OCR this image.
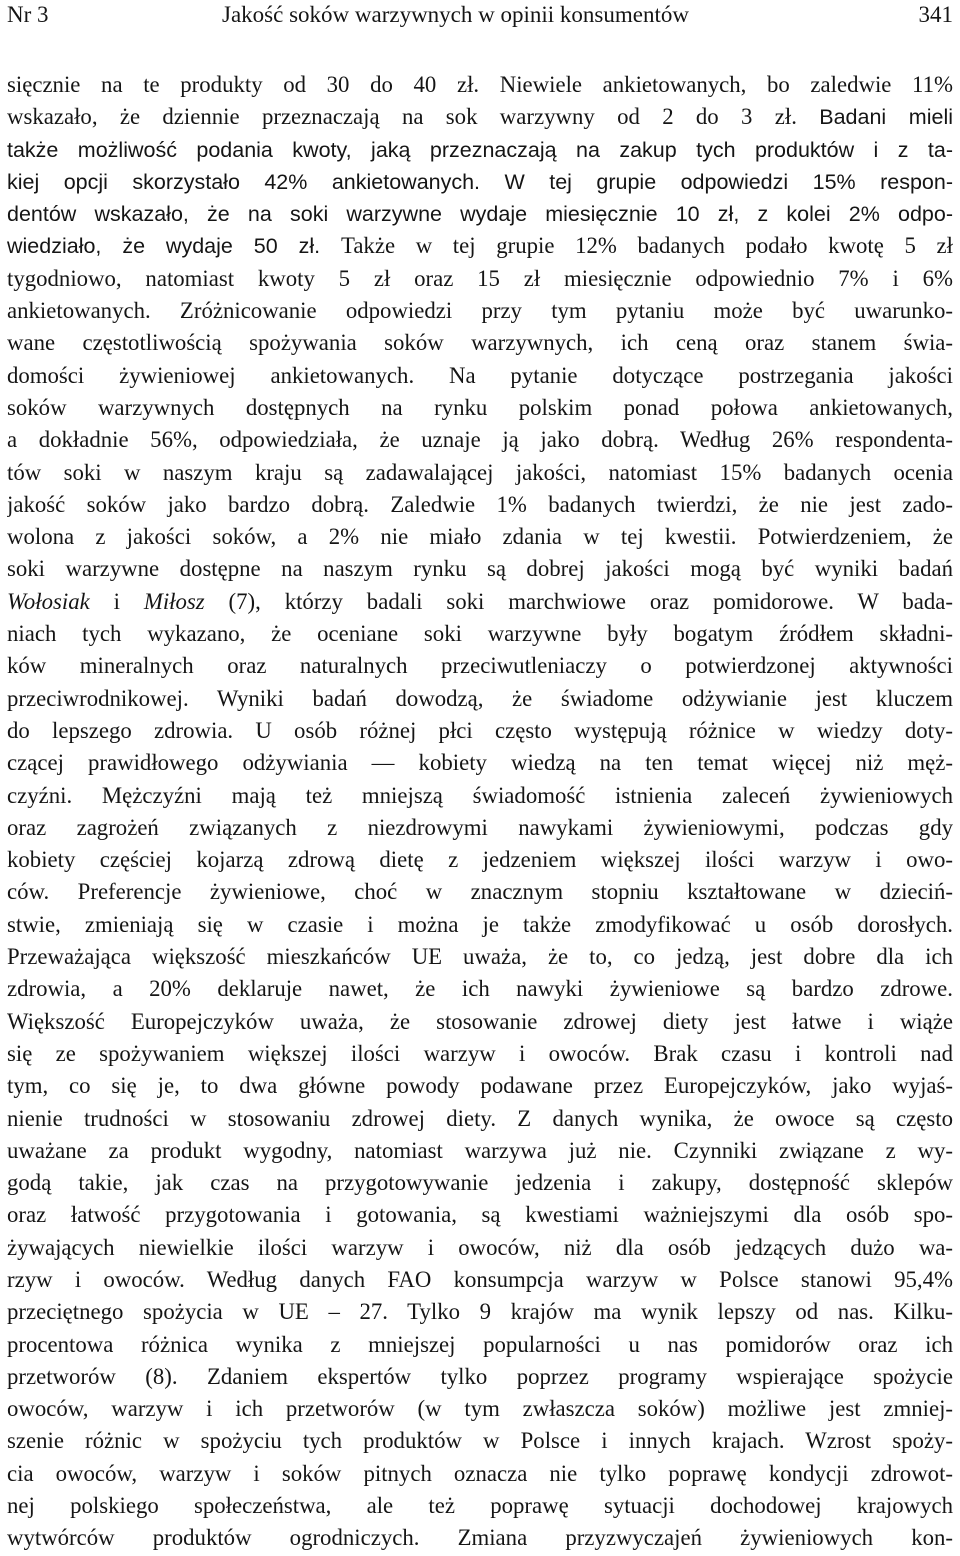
Nr 3	Jakość soków warzywnych w opinii konsumentów	341
sięcznie na te produkty od 30 do 40 zł. Niewiele ankietowanych, bo zaledwie 11%
wskazało, że dziennie przeznaczają na sok warzywny od 2 do 3 zł. Badani mieli
także możliwość podania kwoty, jaką przeznaczają na zakup tych produktów i z ta-
kiej opcji skorzystało 42% ankietowanych. W tej grupie odpowiedzi 15% respon-
dentów wskazało, że na soki warzywne wydaje miesięcznie 10 zł, z kolei 2% odpo-
wiedziało, że wydaje 50 zł. Także w tej grupie 12% badanych podało kwotę 5 zł
tygodniowo, natomiast kwoty 5 zł oraz 15 zł miesięcznie odpowiednio 7% i 6%
ankietowanych. Zróżnicowanie odpowiedzi przy tym pytaniu może być uwarunko-
wane częstotliwością spożywania soków warzywnych, ich ceną oraz stanem świa-
domości żywieniowej ankietowanych. Na pytanie dotyczące postrzegania jakości
soków warzywnych dostępnych na rynku polskim ponad połowa ankietowanych,
a dokładnie 56%, odpowiedziała, że uznaje ją jako dobrą. Według 26% respondenta-
tów soki w naszym kraju są zadawalającej jakości, natomiast 15% badanych ocenia
jakość soków jako bardzo dobrą. Zaledwie 1% badanych twierdzi, że nie jest zado-
wolona z jakości soków, a 2% nie miało zdania w tej kwestii. Potwierdzeniem, że
soki warzywne dostępne na naszym rynku są dobrej jakości mogą być wyniki badań
Wołosiak i Miłosz (7), którzy badali soki marchwiowe oraz pomidorowe. W bada-
niach tych wykazano, że oceniane soki warzywne były bogatym źródłem składni-
ków mineralnych oraz naturalnych przeciwutleniaczy o potwierdzonej aktywności
przeciwrodnikowej. Wyniki badań dowodzą, że świadome odżywianie jest kluczem
do lepszego zdrowia. U osób różnej płci często występują różnice w wiedzy doty-
czącej prawidłowego odżywiania — kobiety wiedzą na ten temat więcej niż męż-
czyźni. Mężczyźni mają też mniejszą świadomość istnienia zaleceń żywieniowych
oraz zagrożeń związanych z niezdrowymi nawykami żywieniowymi, podczas gdy
kobiety częściej kojarzą zdrową dietę z jedzeniem większej ilości warzyw i owo-
ców. Preferencje żywieniowe, choć w znacznym stopniu kształtowane w dzieciń-
stwie, zmieniają się w czasie i można je także zmodyfikować u osób dorosłych.
Przeważająca większość mieszkańców UE uważa, że to, co jedzą, jest dobre dla ich
zdrowia, a 20% deklaruje nawet, że ich nawyki żywieniowe są bardzo zdrowe.
Większość Europejczyków uważa, że stosowanie zdrowej diety jest łatwe i wiąże
się ze spożywaniem większej ilości warzyw i owoców. Brak czasu i kontroli nad
tym, co się je, to dwa główne powody podawane przez Europejczyków, jako wyjaś-
nienie trudności w stosowaniu zdrowej diety. Z danych wynika, że owoce są często
uważane za produkt wygodny, natomiast warzywa już nie. Czynniki związane z wy-
godą takie, jak czas na przygotowywanie jedzenia i zakupy, dostępność sklepów
oraz łatwość przygotowania i gotowania, są kwestiami ważniejszymi dla osób spo-
żywających niewielkie ilości warzyw i owoców, niż dla osób jedzących dużo wa-
rzyw i owoców. Według danych FAO konsumpcja warzyw w Polsce stanowi 95,4%
przeciętnego spożycia w UE – 27. Tylko 9 krajów ma wynik lepszy od nas. Kilku-
procentowa różnica wynika z mniejszej popularności u nas pomidorów oraz ich
przetworów (8). Zdaniem ekspertów tylko poprzez programy wspierające spożycie
owoców, warzyw i ich przetworów (w tym zwłaszcza soków) możliwe jest zmniej-
szenie różnic w spożyciu tych produktów w Polsce i innych krajach. Wzrost spoży-
cia owoców, warzyw i soków pitnych oznacza nie tylko poprawę kondycji zdrowot-
nej polskiego społeczeństwa, ale też poprawę sytuacji dochodowej krajowych
wytwórców produktów ogrodniczych. Zmiana przyzwyczajeń żywieniowych kon-
